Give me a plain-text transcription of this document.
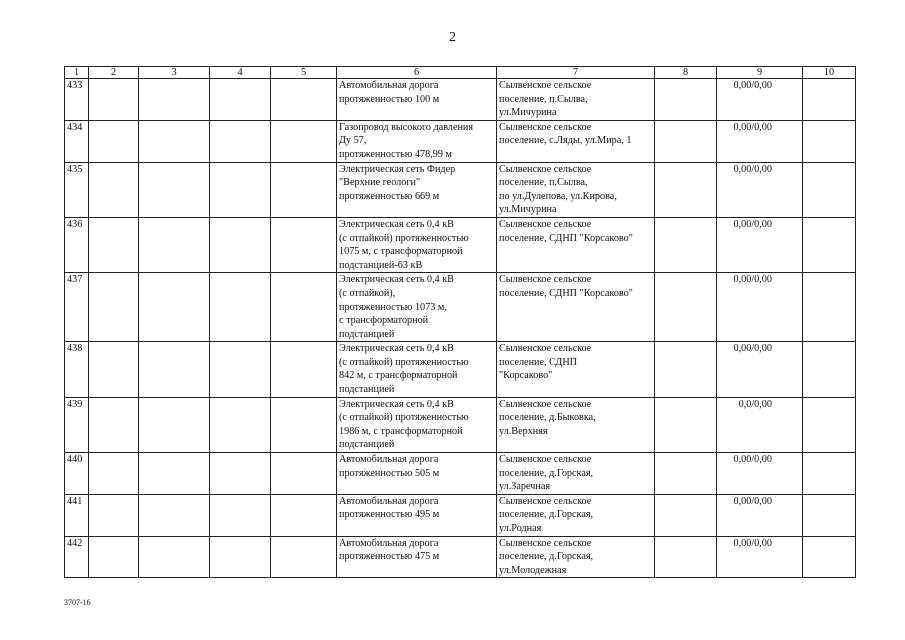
2
1	2	3	4	5	6	7	8	9	10
433					Автомобильная дорога
протяженностью 100 м	Сылвенское сельское
поселение, п.Сылва,
ул.Мичурина		0,00/0,00	
434					Газопровод высокого давления
Ду 57,
протяженностью 478,99 м	Сылвенское сельское
поселение, с.Ляды, ул.Мира, 1		0,00/0,00	
435					Электрическая сеть Фидер
"Верхние геологи"
протяженностью 669 м	Сылвенское сельское
поселение, п.Сылва,
по ул.Дулепова, ул.Кирова,
ул.Мичурина		0,00/0,00	
436					Электрическая сеть 0,4 кВ
(с отпайкой) протяженностью
1075 м, с трансформаторной
подстанцией-63 кВ	Сылвенское сельское
поселение, СДНП "Корсаково"		0,00/0,00	
437					Электрическая сеть 0,4 кВ
(с отпайкой),
протяженностью 1073 м,
с трансформаторной
подстанцией	Сылвенское сельское
поселение, СДНП "Корсаково"		0,00/0,00	
438					Электрическая сеть 0,4 кВ
(с отпайкой) протяженностью
842 м, с трансформаторной
подстанцией	Сылвенское сельское
поселение, СДНП
"Корсаково"		0,00/0,00	
439					Электрическая сеть 0,4 кВ
(с отпайкой) протяженностью
1986 м, с трансформаторной
подстанцией	Сылвенское сельское
поселение, д.Быковка,
ул.Верхняя		0,0/0,00	
440					Автомобильная дорога
протяженностью 505 м	Сылвенское сельское
поселение, д.Горская,
ул.Заречная		0,00/0,00	
441					Автомобильная дорога
протяженностью 495 м	Сылвенское сельское
поселение, д.Горская,
ул.Родная		0,00/0,00	
442					Автомобильная дорога
протяженностью 475 м	Сылвенское сельское
поселение, д.Горская,
ул.Молодежная		0,00/0,00	
3707-16
